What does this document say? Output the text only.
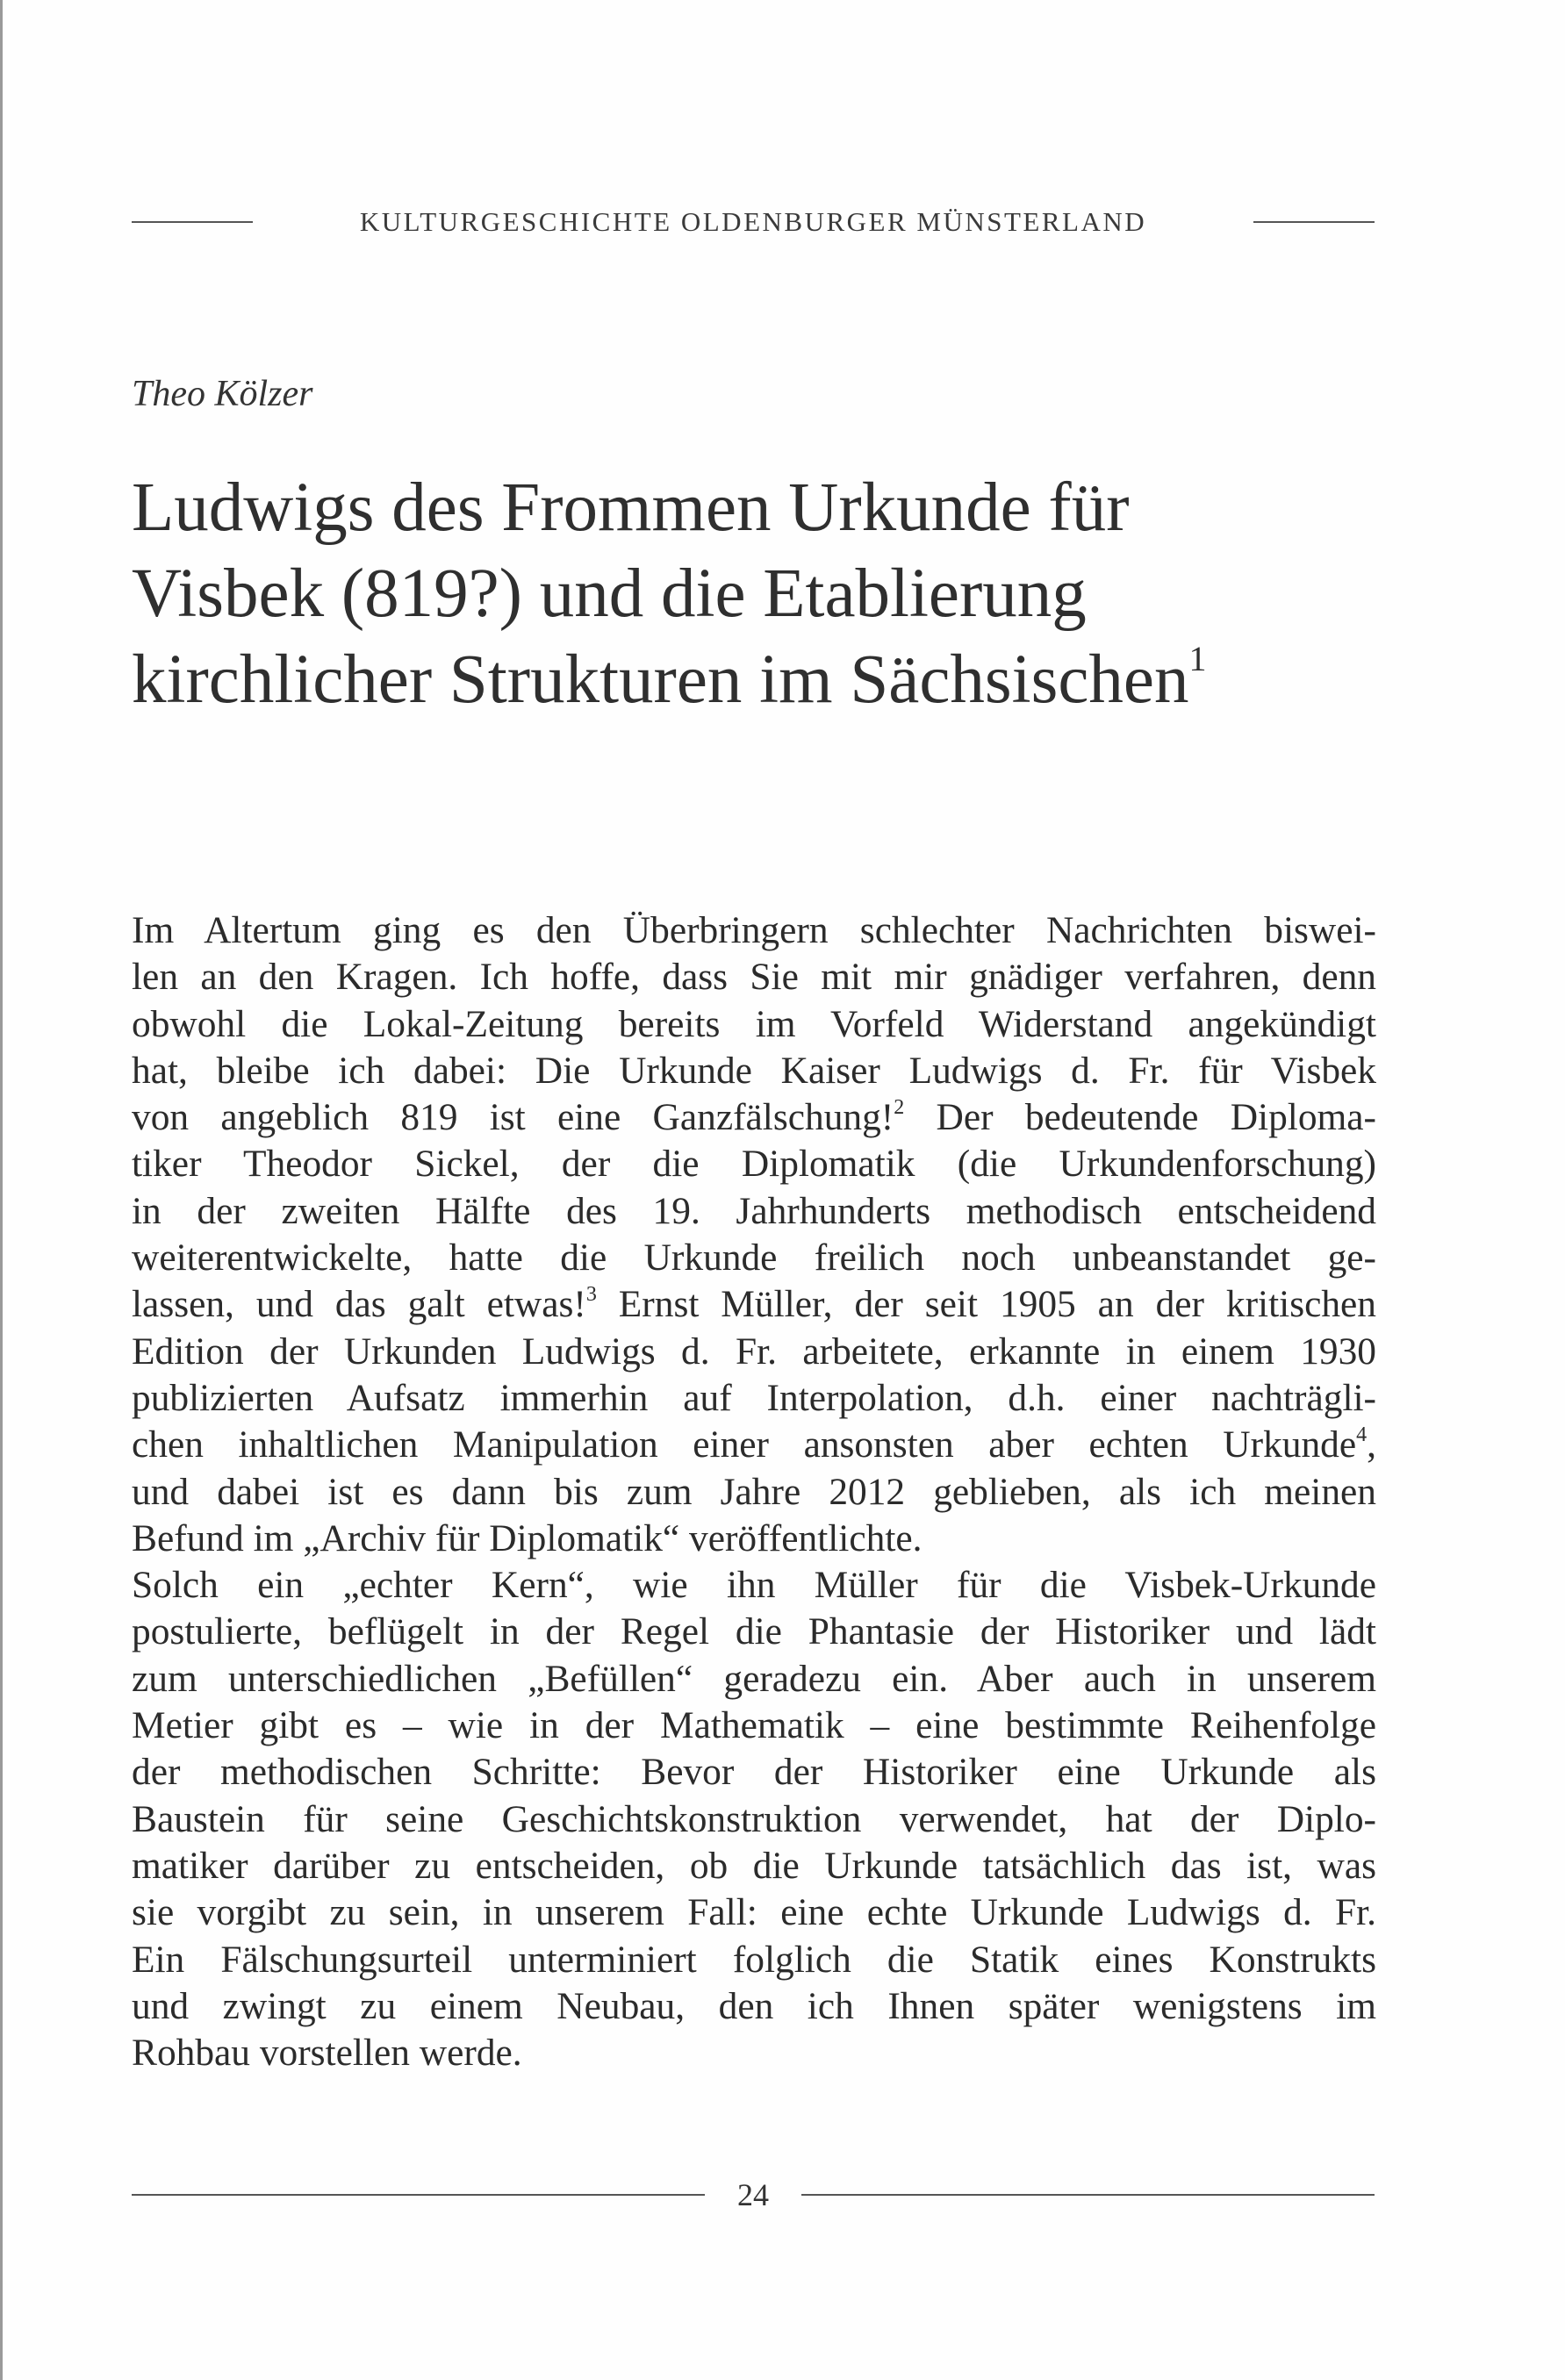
KULTURGESCHICHTE OLDENBURGER MÜNSTERLAND
Theo Kölzer
Ludwigs des Frommen Urkunde für
Visbek (819?) und die Etablierung
kirchlicher Strukturen im Sächsischen$^1$
Im Altertum ging es den Überbringern schlechter Nachrichten biswei-
len an den Kragen. Ich hoffe, dass Sie mit mir gnädiger verfahren, denn
obwohl die Lokal-Zeitung bereits im Vorfeld Widerstand angekündigt
hat, bleibe ich dabei: Die Urkunde Kaiser Ludwigs d. Fr. für Visbek
von angeblich 819 ist eine Ganzfälschung!$^2$ Der bedeutende Diploma-
tiker Theodor Sickel, der die Diplomatik (die Urkundenforschung)
in der zweiten Hälfte des 19. Jahrhunderts methodisch entscheidend
weiterentwickelte, hatte die Urkunde freilich noch unbeanstandet ge-
lassen, und das galt etwas!$^3$ Ernst Müller, der seit 1905 an der kritischen
Edition der Urkunden Ludwigs d. Fr. arbeitete, erkannte in einem 1930
publizierten Aufsatz immerhin auf Interpolation, d.h. einer nachträgli-
chen inhaltlichen Manipulation einer ansonsten aber echten Urkunde$^4$,
und dabei ist es dann bis zum Jahre 2012 geblieben, als ich meinen
Befund im „Archiv für Diplomatik“ veröffentlichte.
Solch ein „echter Kern“, wie ihn Müller für die Visbek-Urkunde
postulierte, beflügelt in der Regel die Phantasie der Historiker und lädt
zum unterschiedlichen „Befüllen“ geradezu ein. Aber auch in unserem
Metier gibt es – wie in der Mathematik – eine bestimmte Reihenfolge
der methodischen Schritte: Bevor der Historiker eine Urkunde als
Baustein für seine Geschichtskonstruktion verwendet, hat der Diplo-
matiker darüber zu entscheiden, ob die Urkunde tatsächlich das ist, was
sie vorgibt zu sein, in unserem Fall: eine echte Urkunde Ludwigs d. Fr.
Ein Fälschungsurteil unterminiert folglich die Statik eines Konstrukts
und zwingt zu einem Neubau, den ich Ihnen später wenigstens im
Rohbau vorstellen werde.
24
